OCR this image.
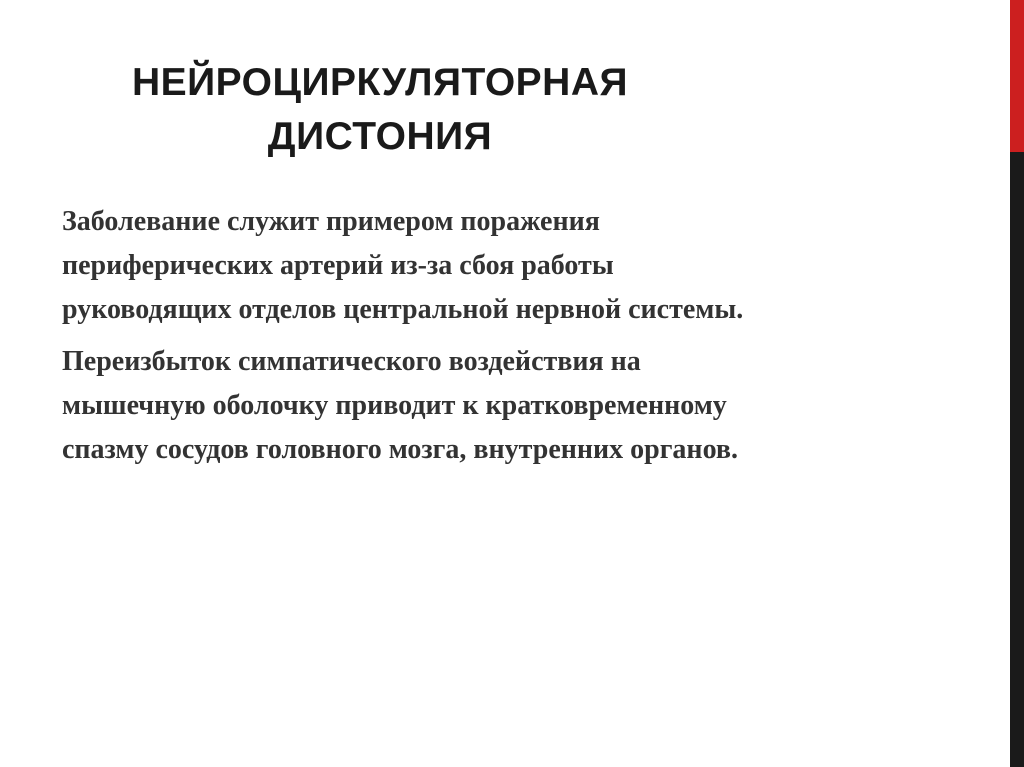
НЕЙРОЦИРКУЛЯТОРНАЯ
ДИСТОНИЯ

Заболевание служит примером поражения
периферических артерий из-за сбоя работы
руководящих отделов центральной нервной системы.

Переизбыток симпатического воздействия на
мышечную оболочку приводит к кратковременному
спазму сосудов головного мозга, внутренних органов.
